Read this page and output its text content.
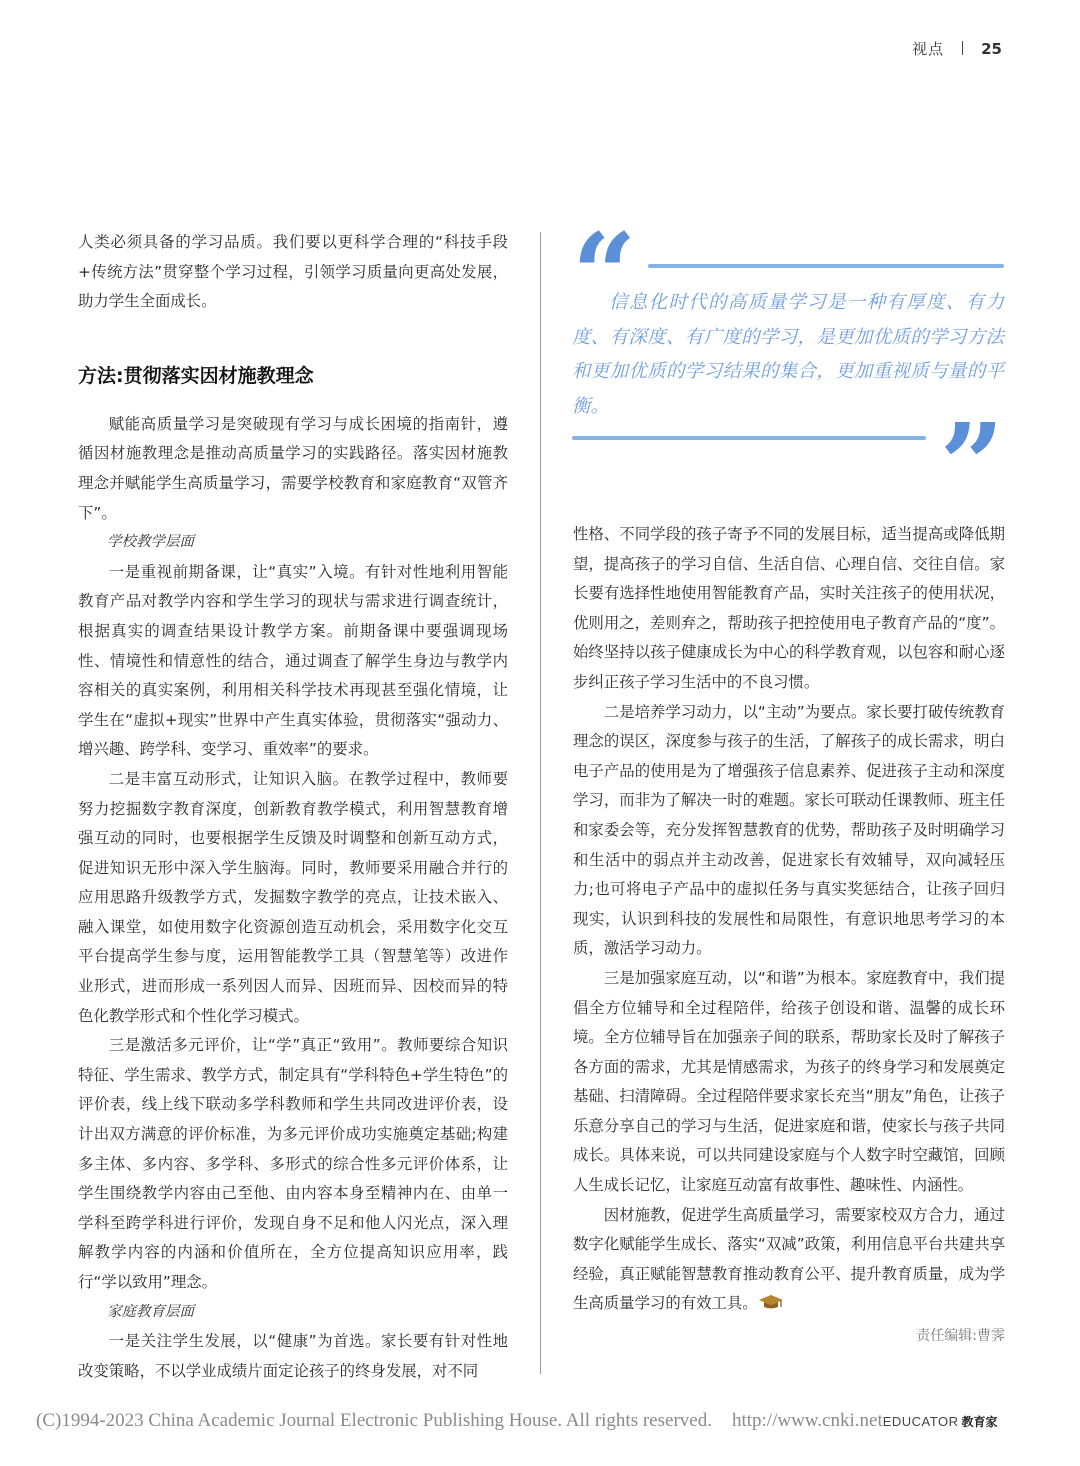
视点 25

人类必须具备的学习品质。我们要以更科学合理的“科技手段+传统方法”贯穿整个学习过程，引领学习质量向更高处发展，助力学生全面成长。

方法:贯彻落实因材施教理念

赋能高质量学习是突破现有学习与成长困境的指南针，遵循因材施教理念是推动高质量学习的实践路径。落实因材施教理念并赋能学生高质量学习，需要学校教育和家庭教育“双管齐下”。

学校教学层面

一是重视前期备课，让“真实”入境。有针对性地利用智能教育产品对教学内容和学生学习的现状与需求进行调查统计，根据真实的调查结果设计教学方案。前期备课中要强调现场性、情境性和情意性的结合，通过调查了解学生身边与教学内容相关的真实案例，利用相关科学技术再现甚至强化情境，让学生在“虚拟+现实”世界中产生真实体验，贯彻落实“强动力、增兴趣、跨学科、变学习、重效率”的要求。

二是丰富互动形式，让知识入脑。在教学过程中，教师要努力挖掘数字教育深度，创新教育教学模式，利用智慧教育增强互动的同时，也要根据学生反馈及时调整和创新互动方式，促进知识无形中深入学生脑海。同时，教师要采用融合并行的应用思路升级教学方式，发掘数字教学的亮点，让技术嵌入、融入课堂，如使用数字化资源创造互动机会，采用数字化交互平台提高学生参与度，运用智能教学工具（智慧笔等）改进作业形式，进而形成一系列因人而异、因班而异、因校而异的特色化教学形式和个性化学习模式。

三是激活多元评价，让“学”真正“致用”。教师要综合知识特征、学生需求、教学方式，制定具有“学科特色+学生特色”的评价表，线上线下联动多学科教师和学生共同改进评价表，设计出双方满意的评价标准，为多元评价成功实施奠定基础;构建多主体、多内容、多学科、多形式的综合性多元评价体系，让学生围绕教学内容由己至他、由内容本身至精神内在、由单一学科至跨学科进行评价，发现自身不足和他人闪光点，深入理解教学内容的内涵和价值所在，全方位提高知识应用率，践行“学以致用”理念。

家庭教育层面

一是关注学生发展，以“健康”为首选。家长要有针对性地改变策略，不以学业成绩片面定论孩子的终身发展，对不同

“
信息化时代的高质量学习是一种有厚度、有力度、有深度、有广度的学习，是更加优质的学习方法和更加优质的学习结果的集合，更加重视质与量的平衡。	”

性格、不同学段的孩子寄予不同的发展目标，适当提高或降低期望，提高孩子的学习自信、生活自信、心理自信、交往自信。家长要有选择性地使用智能教育产品，实时关注孩子的使用状况，优则用之，差则弃之，帮助孩子把控使用电子教育产品的“度”。始终坚持以孩子健康成长为中心的科学教育观，以包容和耐心逐步纠正孩子学习生活中的不良习惯。

二是培养学习动力，以“主动”为要点。家长要打破传统教育理念的误区，深度参与孩子的生活，了解孩子的成长需求，明白电子产品的使用是为了增强孩子信息素养、促进孩子主动和深度学习，而非为了解决一时的难题。家长可联动任课教师、班主任和家委会等，充分发挥智慧教育的优势，帮助孩子及时明确学习和生活中的弱点并主动改善，促进家长有效辅导，双向减轻压力;也可将电子产品中的虚拟任务与真实奖惩结合，让孩子回归现实，认识到科技的发展性和局限性，有意识地思考学习的本质，激活学习动力。

三是加强家庭互动，以“和谐”为根本。家庭教育中，我们提倡全方位辅导和全过程陪伴，给孩子创设和谐、温馨的成长环境。全方位辅导旨在加强亲子间的联系，帮助家长及时了解孩子各方面的需求，尤其是情感需求，为孩子的终身学习和发展奠定基础、扫清障碍。全过程陪伴要求家长充当“朋友”角色，让孩子乐意分享自己的学习与生活，促进家庭和谐，使家长与孩子共同成长。具体来说，可以共同建设家庭与个人数字时空藏馆，回顾人生成长记忆，让家庭互动富有故事性、趣味性、内涵性。

因材施教，促进学生高质量学习，需要家校双方合力，通过数字化赋能学生成长、落实“双减”政策，利用信息平台共建共享经验，真正赋能智慧教育推动教育公平、提升教育质量，成为学生高质量学习的有效工具。

责任编辑:曹霁
(C)1994-2023 China Academic Journal Electronic Publishing House. All rights reserved. http://www.cnki.netEDUCATOR 教育家
